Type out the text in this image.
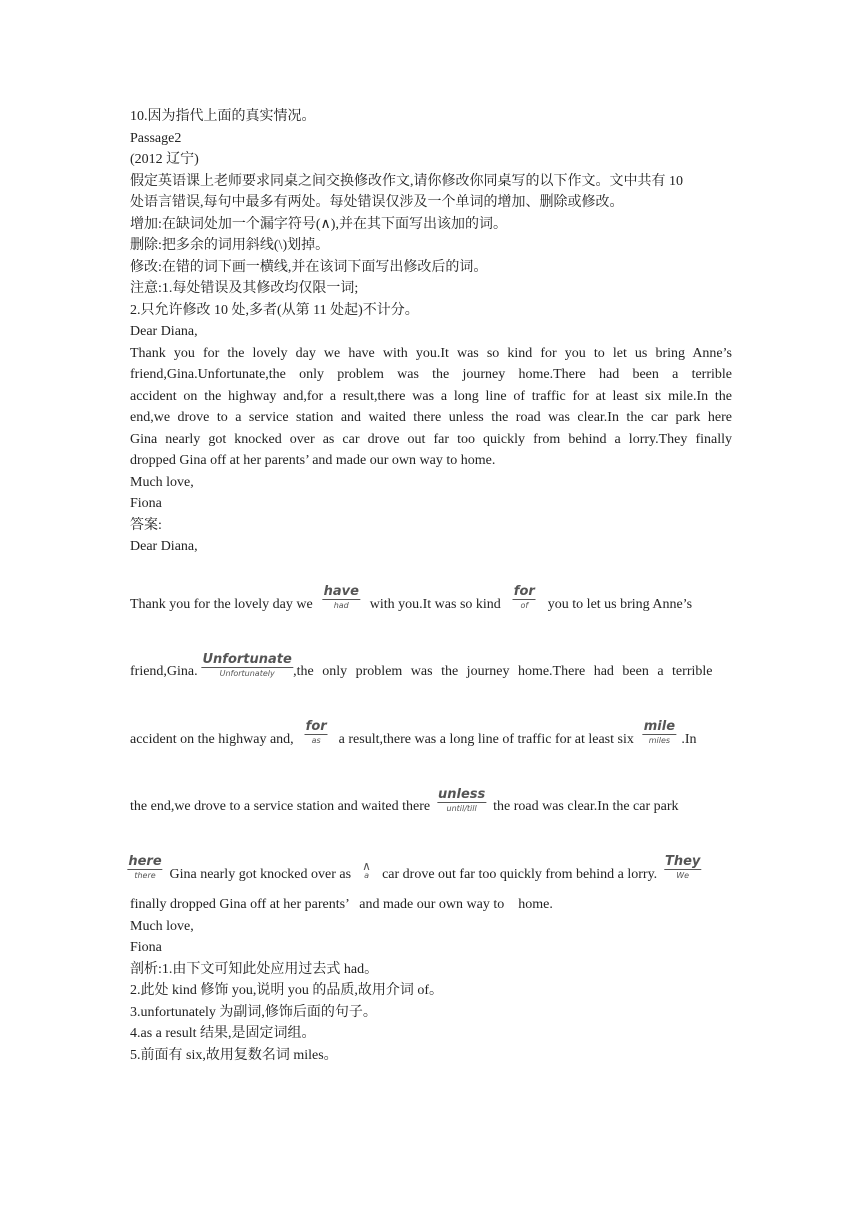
10.因为指代上面的真实情况。
Passage2
(2012 辽宁)
假定英语课上老师要求同桌之间交换修改作文,请你修改你同桌写的以下作文。文中共有 10
处语言错误,每句中最多有两处。每处错误仅涉及一个单词的增加、删除或修改。
增加:在缺词处加一个漏字符号(∧),并在其下面写出该加的词。
删除:把多余的词用斜线(\)划掉。
修改:在错的词下画一横线,并在该词下面写出修改后的词。
注意:1.每处错误及其修改均仅限一词;
2.只允许修改 10 处,多者(从第 11 处起)不计分。
Dear Diana,
Thank you for the lovely day we have with you.It was so kind for you to let us bring Anne’s
friend,Gina.Unfortunate,the only problem was the journey home.There had been a terrible
accident on the highway and,for a result,there was a long line of traffic for at least six mile.In the
end,we drove to a service station and waited there unless the road was clear.In the car park here
Gina nearly got knocked over as car drove out far too quickly from behind a lorry.They finally
dropped Gina off at her parents’ and made our own way to home.
Much love,
Fiona
答案:
Dear Diana,
Thank you for the lovely day we
have
had with you.It was so kind
for
of you to let us bring Anne’s
friend,Gina.
Unfortunate
Unfortunately ,the only problem was the journey home.There had been a terrible
accident on the highway and,
for
as a result,there was a long line of traffic for at least six
mile
miles .In
the end,we drove to a service station and waited there
unless
until/till the road was clear.In the car park
here
there Gina nearly got knocked over as
∧
a car drove out far too quickly from behind a lorry.
They
We

finally dropped Gina off at her parents’   and made our own way to    home.
Much love,
Fiona
剖析:1.由下文可知此处应用过去式 had。
2.此处 kind 修饰 you,说明 you 的品质,故用介词 of。
3.unfortunately 为副词,修饰后面的句子。
4.as a result 结果,是固定词组。
5.前面有 six,故用复数名词 miles。
